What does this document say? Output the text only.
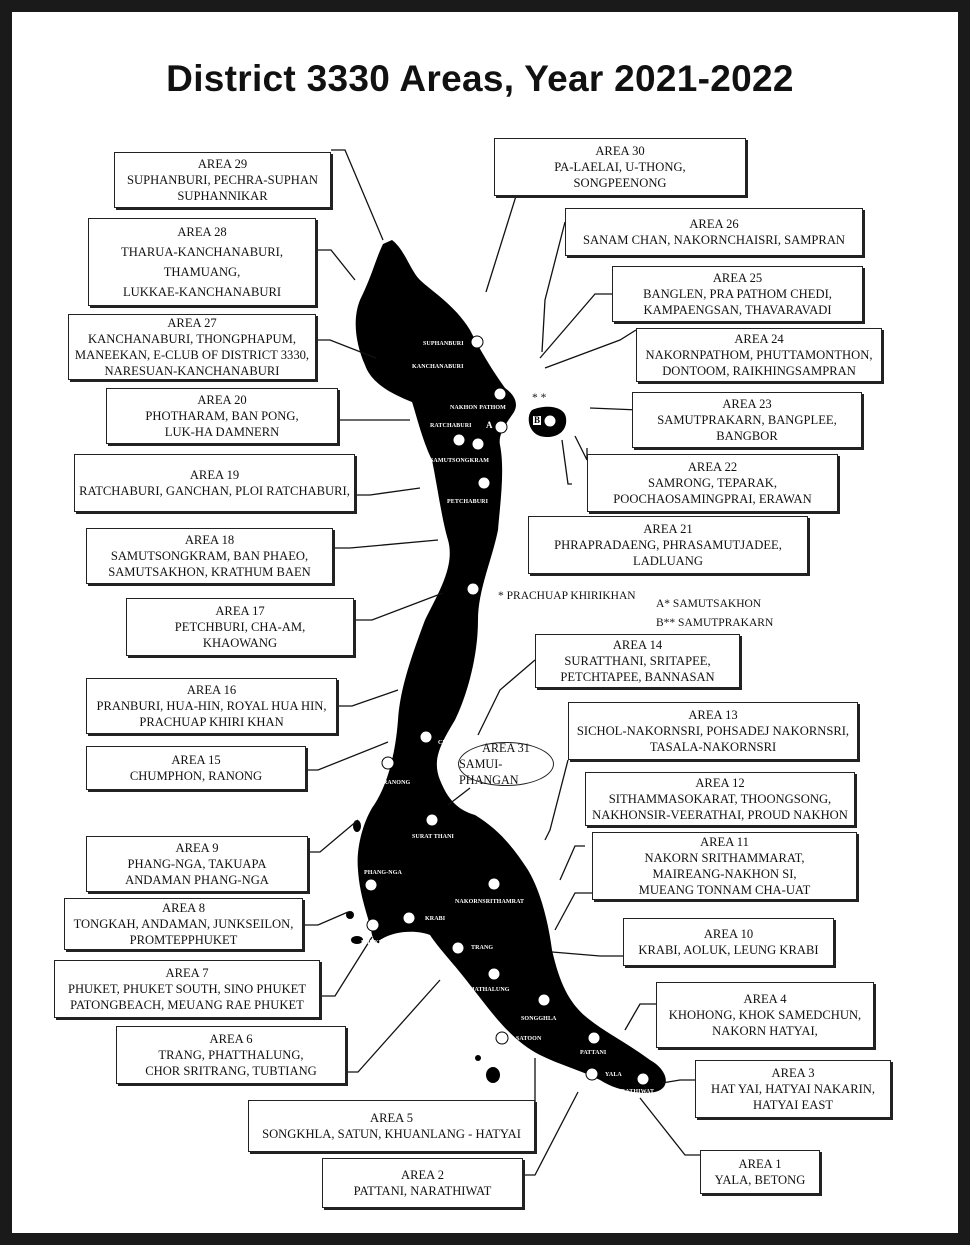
District 3330 Areas, Year 2021-2022
AREA 29
SUPHANBURI, PECHRA-SUPHAN
SUPHANNIKAR
AREA 28
THARUA-KANCHANABURI,
THAMUANG,
LUKKAE-KANCHANABURI
AREA 27
KANCHANABURI, THONGPHAPUM,
MANEEKAN, E-CLUB OF DISTRICT 3330,
NARESUAN-KANCHANABURI
AREA 20
PHOTHARAM, BAN PONG,
LUK-HA DAMNERN
AREA 19
RATCHABURI, GANCHAN, PLOI RATCHABURI,
AREA 18
SAMUTSONGKRAM, BAN PHAEO,
SAMUTSAKHON, KRATHUM BAEN
AREA 17
PETCHBURI, CHA-AM,
KHAOWANG
AREA 16
PRANBURI, HUA-HIN, ROYAL HUA HIN,
PRACHUAP KHIRI KHAN
AREA 15
CHUMPHON, RANONG
AREA 9
PHANG-NGA, TAKUAPA
ANDAMAN PHANG-NGA
AREA 8
TONGKAH, ANDAMAN, JUNKSEILON,
PROMTEPPHUKET
AREA 7
PHUKET, PHUKET SOUTH, SINO PHUKET
PATONGBEACH, MEUANG RAE PHUKET
AREA 6
TRANG, PHATTHALUNG,
CHOR SRITRANG, TUBTIANG
AREA 5
SONGKHLA, SATUN, KHUANLANG - HATYAI
AREA 2
PATTANI, NARATHIWAT
AREA 30
PA-LAELAI, U-THONG,
SONGPEENONG
AREA 26
SANAM CHAN, NAKORNCHAISRI, SAMPRAN
AREA 25
BANGLEN, PRA PATHOM CHEDI,
KAMPAENGSAN, THAVARAVADI
AREA 24
NAKORNPATHOM, PHUTTAMONTHON,
DONTOOM, RAIKHINGSAMPRAN
AREA 23
SAMUTPRAKARN, BANGPLEE,
BANGBOR
AREA 22
SAMRONG, TEPARAK,
POOCHAOSAMINGPRAI, ERAWAN
AREA 21
PHRAPRADAENG, PHRASAMUTJADEE,
LADLUANG
AREA 14
SURATTHANI, SRITAPEE,
PETCHTAPEE, BANNASAN
AREA 13
SICHOL-NAKORNSRI, POHSADEJ NAKORNSRI,
TASALA-NAKORNSRI
AREA 12
SITHAMMASOKARAT, THOONGSONG,
NAKHONSIR-VEERATHAI, PROUD NAKHON
AREA 11
NAKORN SRITHAMMARAT,
MAIREANG-NAKHON SI,
MUEANG TONNAM CHA-UAT
AREA 10
KRABI, AOLUK, LEUNG KRABI
AREA 4
KHOHONG, KHOK SAMEDCHUN,
NAKORN HATYAI,
AREA 3
HAT YAI, HATYAI NAKARIN,
HATYAI EAST
AREA 1
YALA, BETONG
AREA 31
SAMUI-PHANGAN
SUPHANBURI
KANCHANABURI
NAKHON PATHOM
RATCHABURI
SAMUTSONGKRAM
PETCHABURI
CHUMPHON
RANONG
SURAT THANI
PHANG-NGA
NAKORNSRITHAMRAT
KRABI
PHUKET
TRANG
PHATHALUNG
SONGGHLA
SATOON
PATTANI
YALA
NARATHIWAT
A	B
* *
*
* PRACHUAP KHIRIKHAN
A* SAMUTSAKHON
B** SAMUTPRAKARN
